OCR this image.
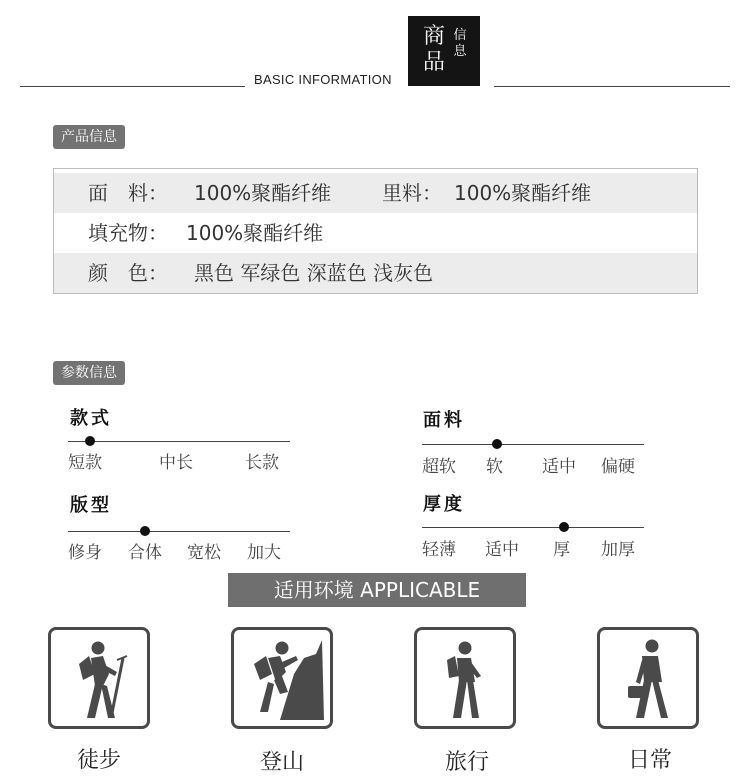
BASIC INFORMATION
商品
信息
产品信息
面　料： 100%聚酯纤维	里料： 100%聚酯纤维
填充物： 100%聚酯纤维
颜　色： 黑色 军绿色 深蓝色 浅灰色
参数信息
款式
短款	中长	长款
版型
修身 合体 宽松 加大
面料
超软 软 适中 偏硬
厚度
轻薄 适中 厚 加厚
适用环境 APPLICABLE
徒步	登山	旅行	日常
